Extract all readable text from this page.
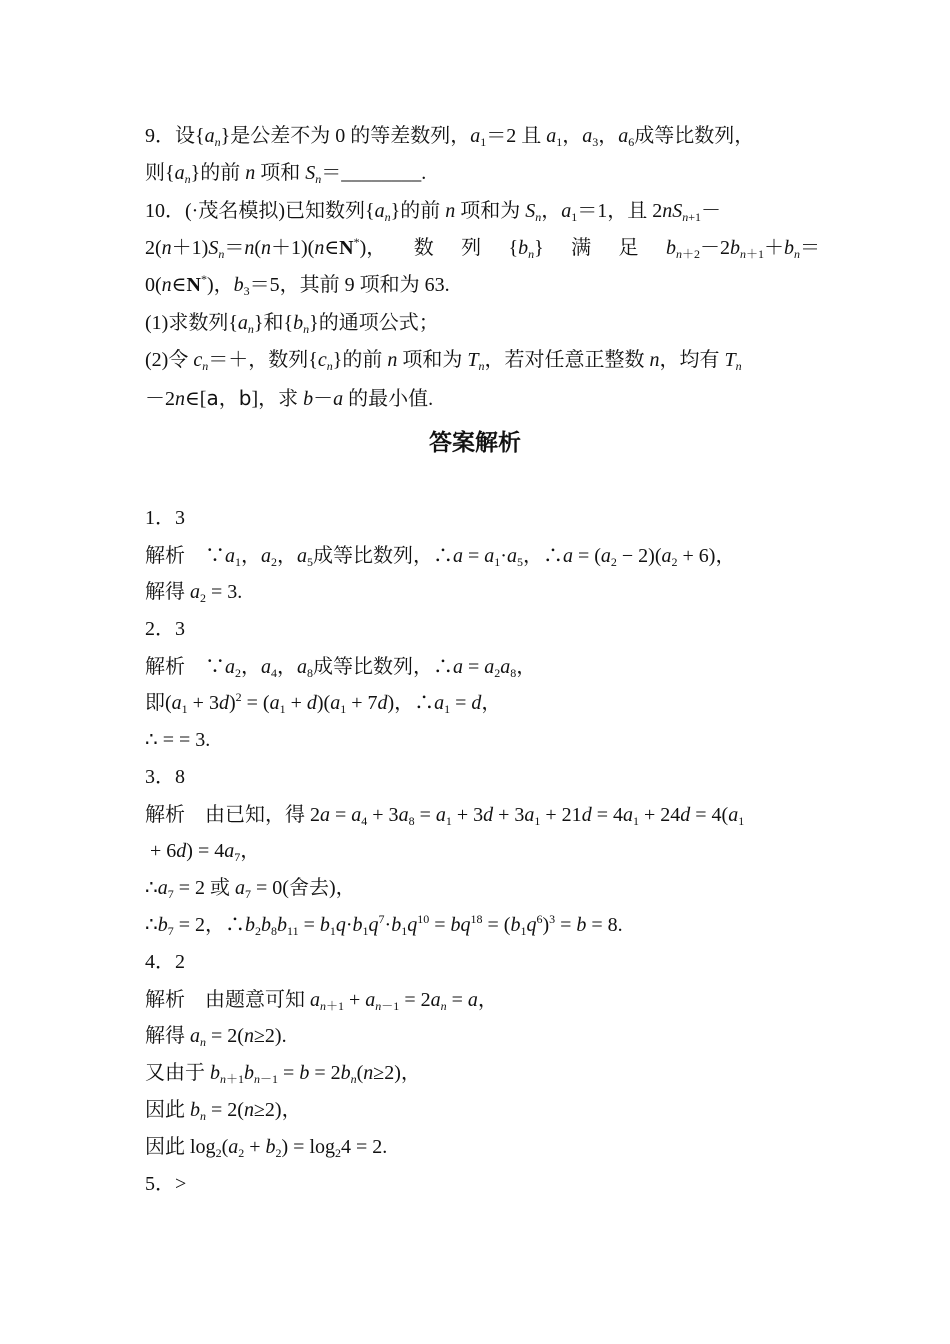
9．设$\{a_n\}$是公差不为 0 的等差数列，$a_1=2$ 且 $a_1$，$a_3$，$a_6$成等比数列，
则$\{a_n\}$的前 n 项和 $S_n=\_\_\_\_\_\_\_\_$.
10．(·茂名模拟)已知数列$\{a_n\}$的前 n 项和为 $S_n$，$a_1=1$，且 $2nS_{n+1}-$
$2(n+1)S_n=n(n+1)(n\in N^*)$， 数 列 $\{b_n\}$ 满 足 $b_{n+2}-2b_{n+1}+b_n=$
0(n∈N*)，$b_3=5$，其前 9 项和为 63.
(1)求数列$\{a_n\}$和$\{b_n\}$的通项公式；
(2)令 $c_n=+$，数列$\{c_n\}$的前 n 项和为 $T_n$，若对任意正整数 n，均有 $T_n$
－2n∈[a，b]，求 b－a 的最小值.
答案解析
1．3
解析　$\because a_1$，$a_2$，$a_5$成等比数列，∴a = $a_1\cdot a_5$，∴a = $(a_2 - 2)(a_2 + 6)$，
解得 $a_2 = 3$.
2．3
解析　$\because a_2$，$a_4$，$a_8$成等比数列，∴a = $a_2a_8$，
即$(a_1 + 3d)^2 = (a_1 + d)(a_1 + 7d)$，$\therefore a_1 = d$，
∴ = = 3.
3．8
解析　由已知，得 $2a = a_4 + 3a_8 = a_1 + 3d + 3a_1 + 21d = 4a_1 + 24d = 4(a_1$
+ $6d) = 4a_7$，
$\therefore a_7 = 2$ 或 $a_7 = 0$(舍去)，
$\therefore b_7 = 2$，$\therefore b_2b_8b_{11} = b_1q\cdot b_1q^7\cdot b_1q^{10} = bq^{18} = (b_1q^6)^3 = b = 8$.
4．2
解析　由题意可知 $a_{n+1} + a_{n-1} = 2a_n = a$，
解得 $a_n = 2(n\ge 2)$.
又由于 $b_{n+1}b_{n-1} = b = 2b_n(n\ge 2)$，
因此 $b_n = 2(n\ge 2)$，
因此 $\log_2(a_2 + b_2) = \log_24 = 2$.
5．>
